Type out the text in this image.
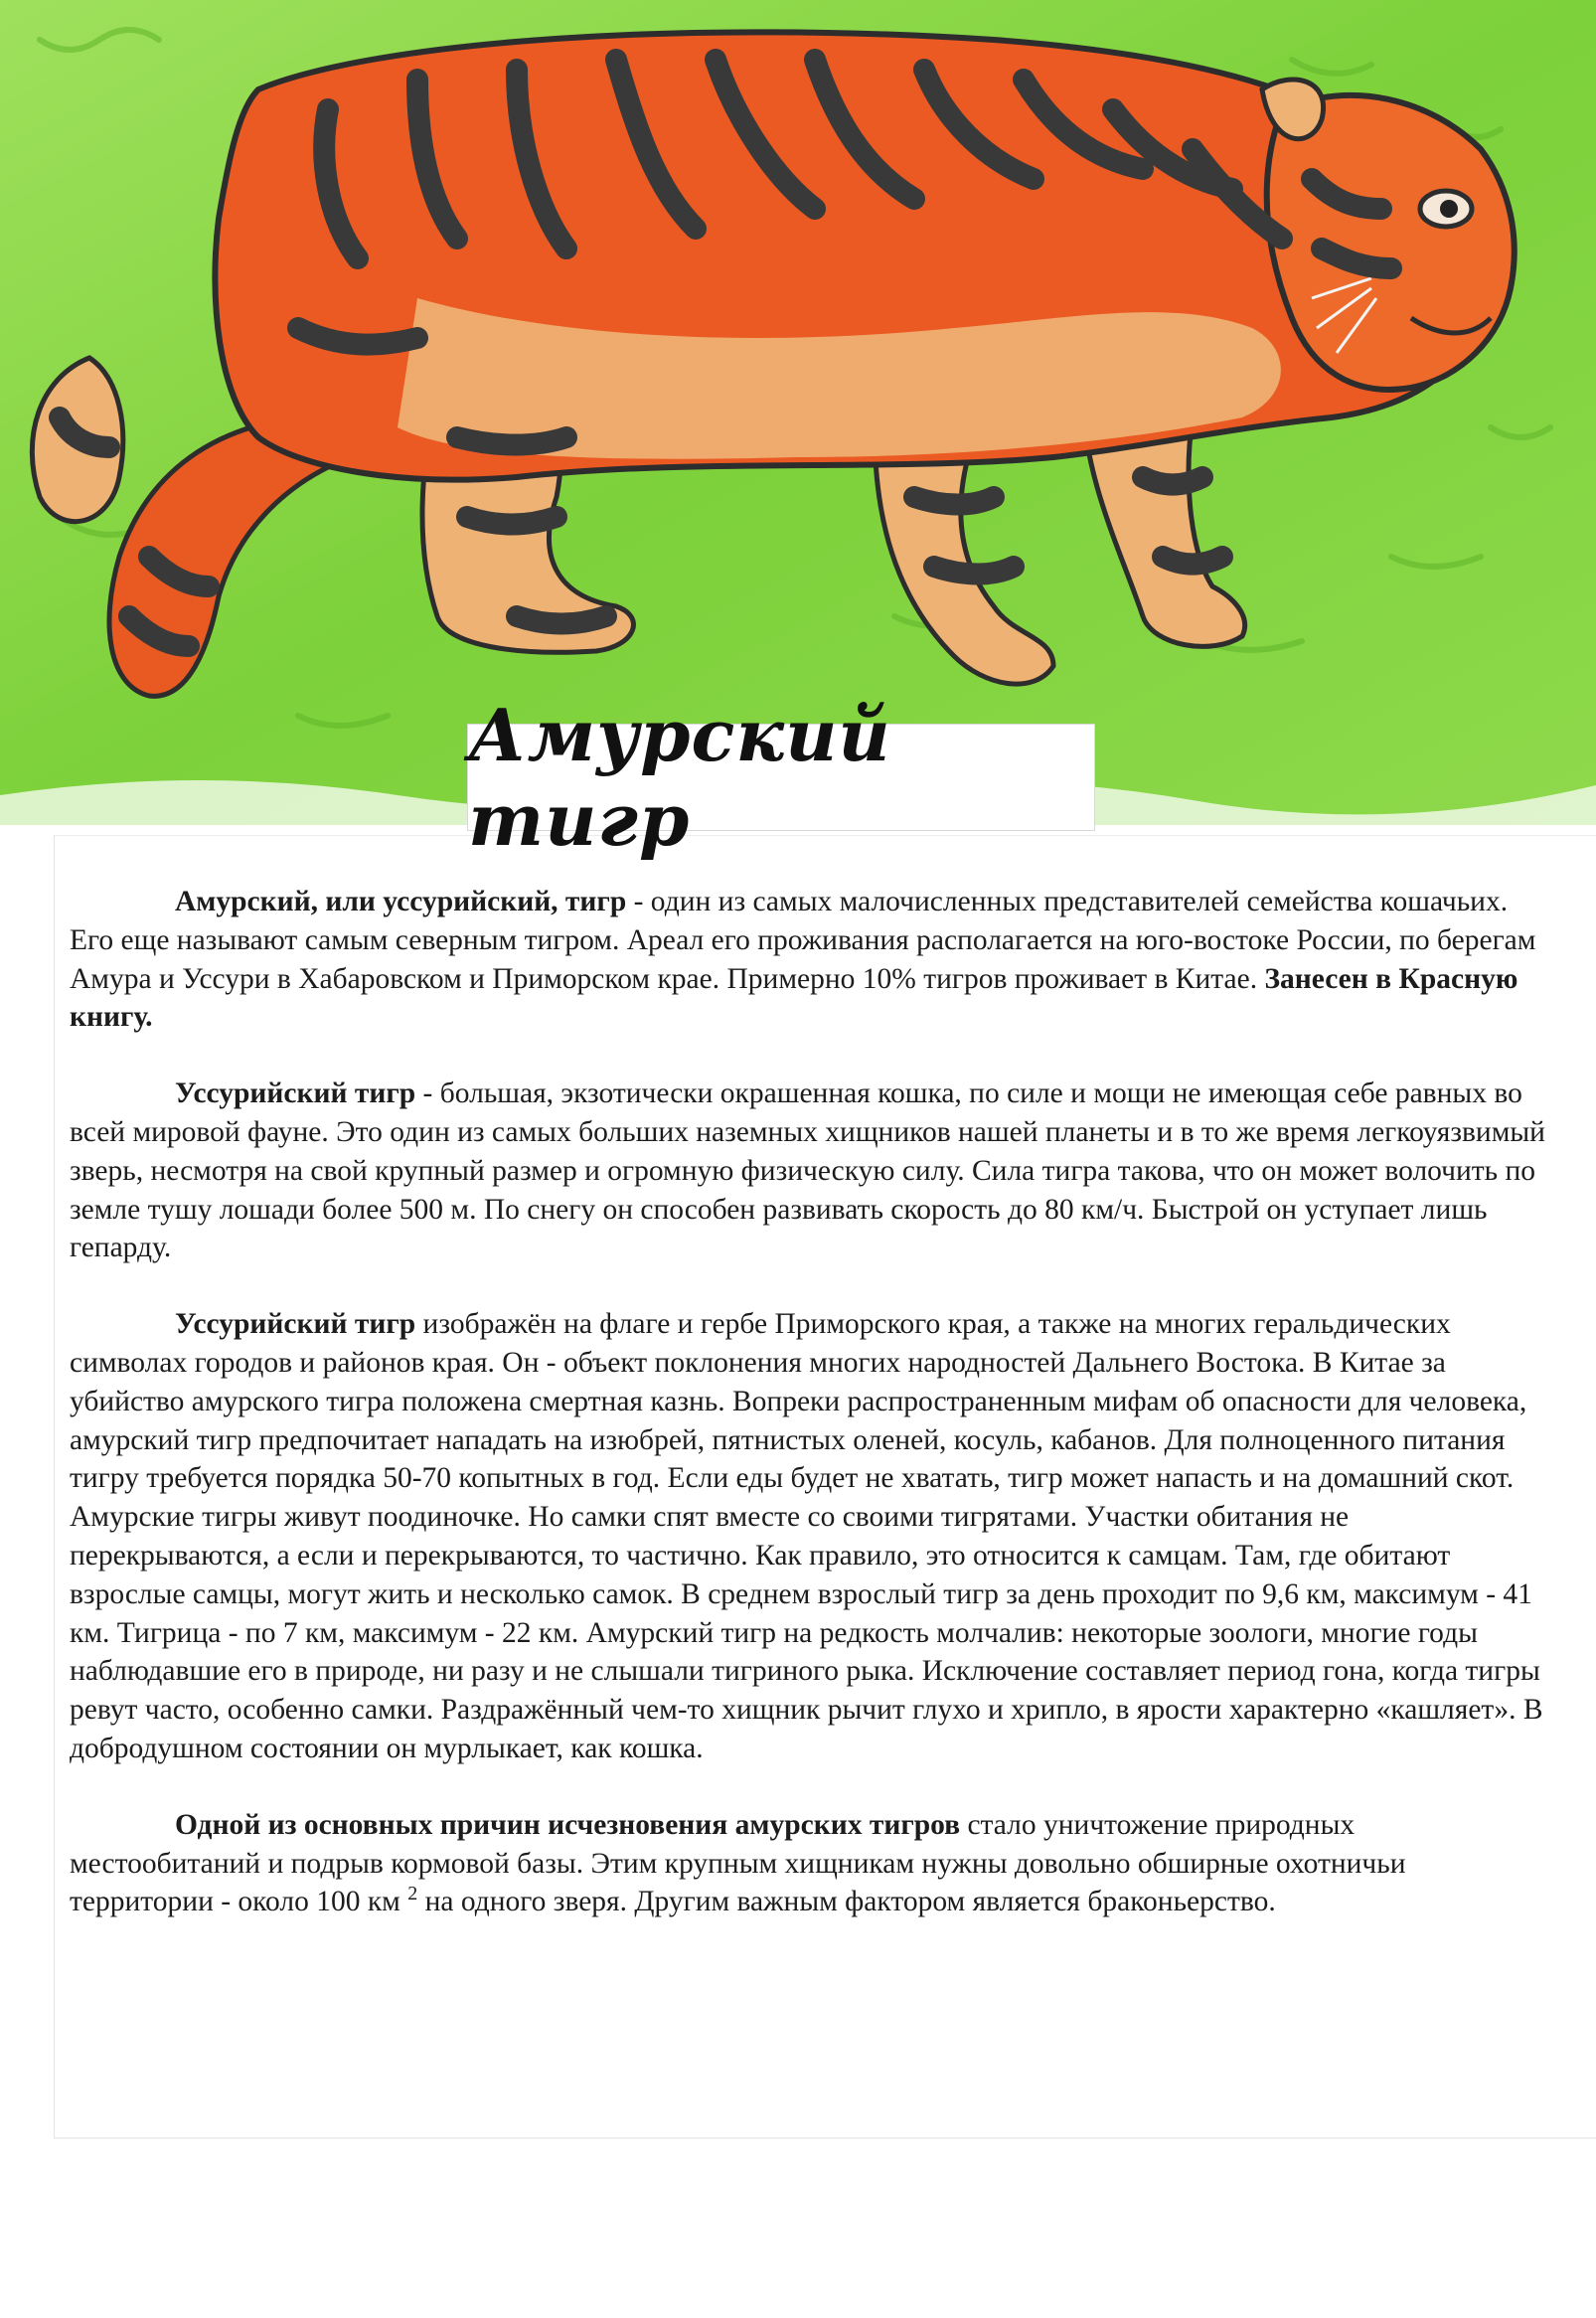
Амурский тигр

Амурский, или уссурийский, тигр - один из самых малочисленных представителей семейства кошачьих. Его еще называют самым северным тигром. Ареал его проживания располагается на юго-востоке России, по берегам Амура и Уссури в Хабаровском и Приморском крае. Примерно 10% тигров проживает в Китае. Занесен в Красную книгу.

Уссурийский тигр - большая, экзотически окрашенная кошка, по силе и мощи не имеющая себе равных во всей мировой фауне. Это один из самых больших наземных хищников нашей планеты и в то же время легкоуязвимый зверь, несмотря на свой крупный размер и огромную физическую силу. Сила тигра такова, что он может волочить по земле тушу лошади более 500 м. По снегу он способен развивать скорость до 80 км/ч. Быстрой он уступает лишь гепарду.

Уссурийский тигр изображён на флаге и гербе Приморского края, а также на многих геральдических символах городов и районов края. Он - объект поклонения многих народностей Дальнего Востока. В Китае за убийство амурского тигра положена смертная казнь. Вопреки распространенным мифам об опасности для человека, амурский тигр предпочитает нападать на изюбрей, пятнистых оленей, косуль, кабанов. Для полноценного питания тигру требуется порядка 50-70 копытных в год. Если еды будет не хватать, тигр может напасть и на домашний скот. Амурские тигры живут поодиночке. Но самки спят вместе со своими тигрятами. Участки обитания не перекрываются, а если и перекрываются, то частично. Как правило, это относится к самцам. Там, где обитают взрослые самцы, могут жить и несколько самок. В среднем взрослый тигр за день проходит по 9,6 км, максимум - 41 км. Тигрица - по 7 км, максимум - 22 км. Амурский тигр на редкость молчалив: некоторые зоологи, многие годы наблюдавшие его в природе, ни разу и не слышали тигриного рыка. Исключение составляет период гона, когда тигры ревут часто, особенно самки. Раздражённый чем-то хищник рычит глухо и хрипло, в ярости характерно «кашляет». В добродушном состоянии он мурлыкает, как кошка.

Одной из основных причин исчезновения амурских тигров стало уничтожение природных местообитаний и подрыв кормовой базы. Этим крупным хищникам нужны довольно обширные охотничьи территории - около 100 км $^2$ на одного зверя. Другим важным фактором является браконьерство.
